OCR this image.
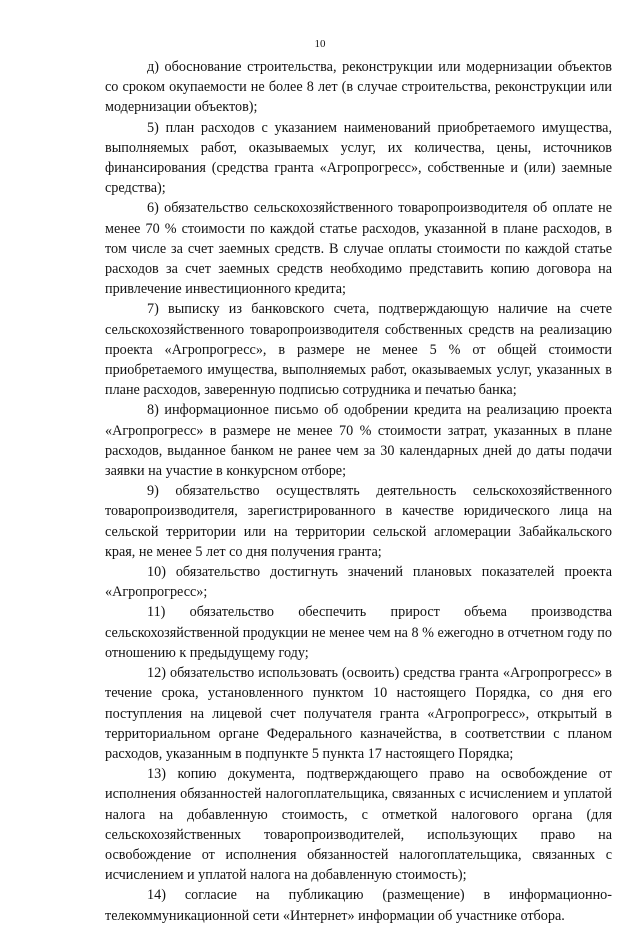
10

д) обоснование строительства, реконструкции или модернизации объектов со сроком окупаемости не более 8 лет (в случае строительства, реконструкции или модернизации объектов);

5) план расходов с указанием наименований приобретаемого имущества, выполняемых работ, оказываемых услуг, их количества, цены, источников финансирования (средства гранта «Агропрогресс», собственные и (или) заемные средства);

6) обязательство сельскохозяйственного товаропроизводителя об оплате не менее 70 % стоимости по каждой статье расходов, указанной в плане расходов, в том числе за счет заемных средств. В случае оплаты стоимости по каждой статье расходов за счет заемных средств необходимо представить копию договора на привлечение инвестиционного кредита;

7) выписку из банковского счета, подтверждающую наличие на счете сельскохозяйственного товаропроизводителя собственных средств на реализацию проекта «Агропрогресс», в размере не менее 5 % от общей стоимости приобретаемого имущества, выполняемых работ, оказываемых услуг, указанных в плане расходов, заверенную подписью сотрудника и печатью банка;

8) информационное письмо об одобрении кредита на реализацию проекта «Агропрогресс» в размере не менее 70 % стоимости затрат, указанных в плане расходов, выданное банком не ранее чем за 30 календарных дней до даты подачи заявки на участие в конкурсном отборе;

9) обязательство осуществлять деятельность сельскохозяйственного товаропроизводителя, зарегистрированного в качестве юридического лица на сельской территории или на территории сельской агломерации Забайкальского края, не менее 5 лет со дня получения гранта;

10) обязательство достигнуть значений плановых показателей проекта «Агропрогресс»;

11) обязательство обеспечить прирост объема производства сельскохозяйственной продукции не менее чем на 8 % ежегодно в отчетном году по отношению к предыдущему году;

12) обязательство использовать (освоить) средства гранта «Агропрогресс» в течение срока, установленного пунктом 10 настоящего Порядка, со дня его поступления на лицевой счет получателя гранта «Агропрогресс», открытый в территориальном органе Федерального казначейства, в соответствии с планом расходов, указанным в подпункте 5 пункта 17 настоящего Порядка;

13) копию документа, подтверждающего право на освобождение от исполнения обязанностей налогоплательщика, связанных с исчислением и уплатой налога на добавленную стоимость, с отметкой налогового органа (для сельскохозяйственных товаропроизводителей, использующих право на освобождение от исполнения обязанностей налогоплательщика, связанных с исчислением и уплатой налога на добавленную стоимость);

14) согласие на публикацию (размещение) в информационно-телекоммуникационной сети «Интернет» информации об участнике отбора.
